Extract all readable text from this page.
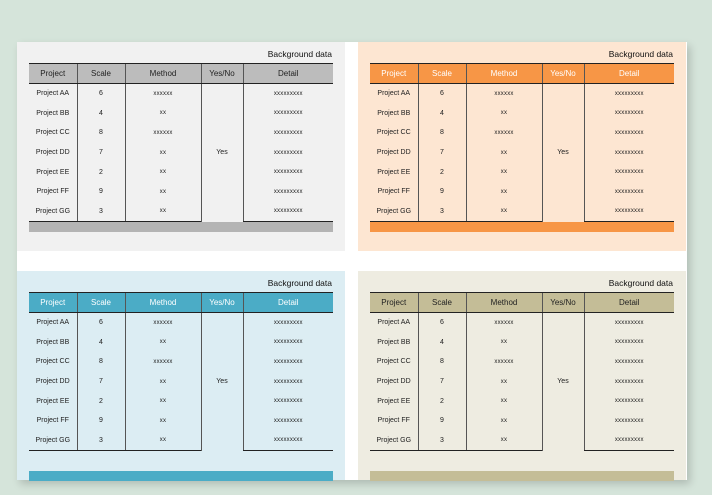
Background data
Project	Scale	Method	Yes/No	Detail
Project AA	6	xxxxxx	Yes	xxxxxxxxx
Project BB	4	xx		xxxxxxxxx
Project CC	8	xxxxxx		xxxxxxxxx
Project DD	7	xx		xxxxxxxxx
Project EE	2	xx		xxxxxxxxx
Project FF	9	xx		xxxxxxxxx
Project GG	3	xx		xxxxxxxxx
Background data
Project	Scale	Method	Yes/No	Detail
Project AA	6	xxxxxx	Yes	xxxxxxxxx
Project BB	4	xx		xxxxxxxxx
Project CC	8	xxxxxx		xxxxxxxxx
Project DD	7	xx		xxxxxxxxx
Project EE	2	xx		xxxxxxxxx
Project FF	9	xx		xxxxxxxxx
Project GG	3	xx		xxxxxxxxx
Background data
Project	Scale	Method	Yes/No	Detail
Project AA	6	xxxxxx	Yes	xxxxxxxxx
Project BB	4	xx		xxxxxxxxx
Project CC	8	xxxxxx		xxxxxxxxx
Project DD	7	xx		xxxxxxxxx
Project EE	2	xx		xxxxxxxxx
Project FF	9	xx		xxxxxxxxx
Project GG	3	xx		xxxxxxxxx
Background data
Project	Scale	Method	Yes/No	Detail
Project AA	6	xxxxxx	Yes	xxxxxxxxx
Project BB	4	xx		xxxxxxxxx
Project CC	8	xxxxxx		xxxxxxxxx
Project DD	7	xx		xxxxxxxxx
Project EE	2	xx		xxxxxxxxx
Project FF	9	xx		xxxxxxxxx
Project GG	3	xx		xxxxxxxxx
